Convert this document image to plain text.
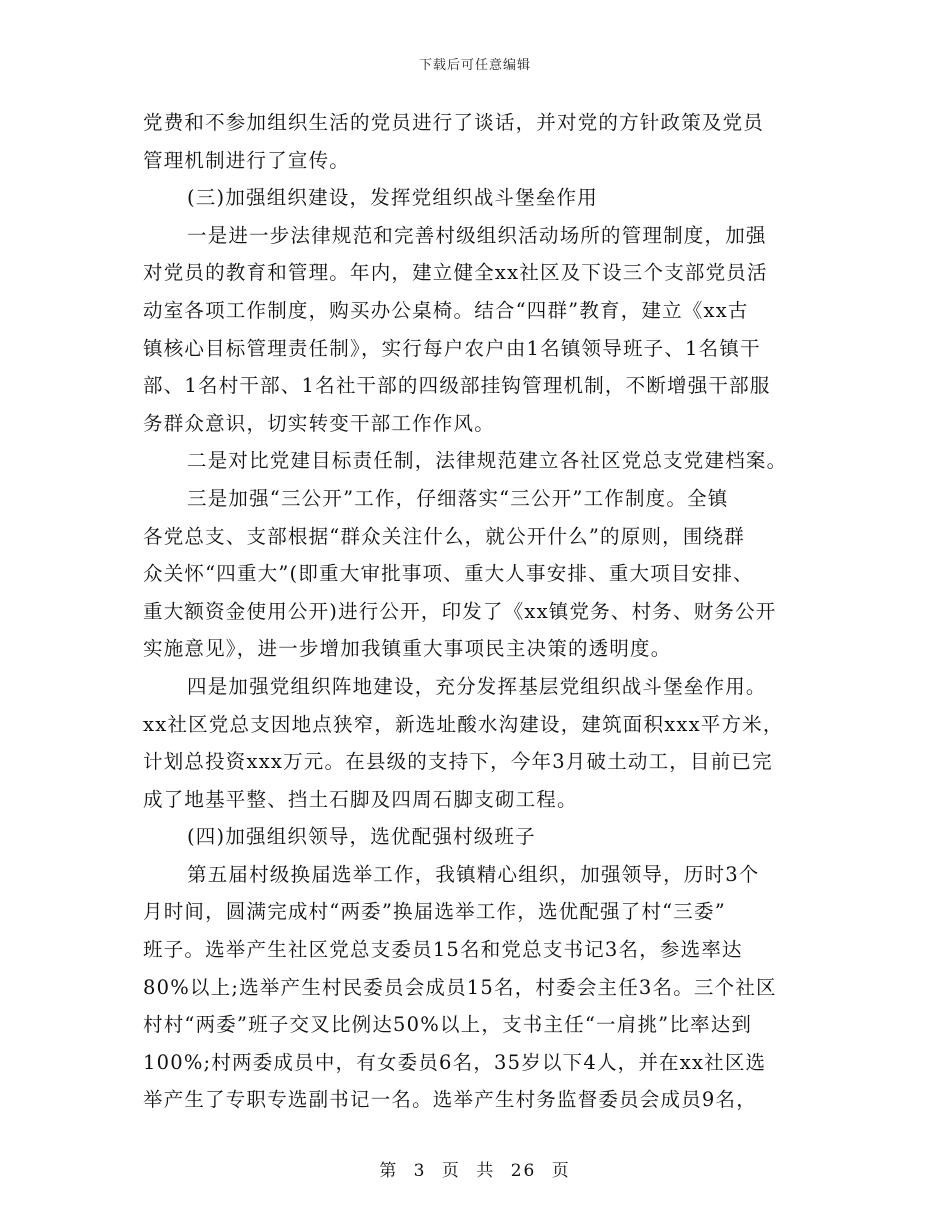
下载后可任意编辑
党费和不参加组织生活的党员进行了谈话，并对党的方针政策及党员
管理机制进行了宣传。
(三)加强组织建设，发挥党组织战斗堡垒作用
一是进一步法律规范和完善村级组织活动场所的管理制度，加强
对党员的教育和管理。年内，建立健全xx社区及下设三个支部党员活
动室各项工作制度，购买办公桌椅。结合“四群”教育，建立《xx古
镇核心目标管理责任制》，实行每户农户由1名镇领导班子、1名镇干
部、1名村干部、1名社干部的四级部挂钩管理机制，不断增强干部服
务群众意识，切实转变干部工作作风。
二是对比党建目标责任制，法律规范建立各社区党总支党建档案。
三是加强“三公开”工作，仔细落实“三公开”工作制度。全镇
各党总支、支部根据“群众关注什么，就公开什么”的原则，围绕群
众关怀“四重大”(即重大审批事项、重大人事安排、重大项目安排、
重大额资金使用公开)进行公开，印发了《xx镇党务、村务、财务公开
实施意见》，进一步增加我镇重大事项民主决策的透明度。
四是加强党组织阵地建设，充分发挥基层党组织战斗堡垒作用。
xx社区党总支因地点狭窄，新选址酸水沟建设，建筑面积xxx平方米，
计划总投资xxx万元。在县级的支持下，今年3月破土动工，目前已完
成了地基平整、挡土石脚及四周石脚支砌工程。
(四)加强组织领导，选优配强村级班子
第五届村级换届选举工作，我镇精心组织，加强领导，历时3个
月时间，圆满完成村“两委”换届选举工作，选优配强了村“三委”
班子。选举产生社区党总支委员15名和党总支书记3名，参选率达
80%以上;选举产生村民委员会成员15名，村委会主任3名。三个社区
村村“两委”班子交叉比例达50%以上，支书主任“一肩挑”比率达到
100%;村两委成员中，有女委员6名，35岁以下4人，并在xx社区选
举产生了专职专选副书记一名。选举产生村务监督委员会成员9名，
第 3 页 共 26 页
